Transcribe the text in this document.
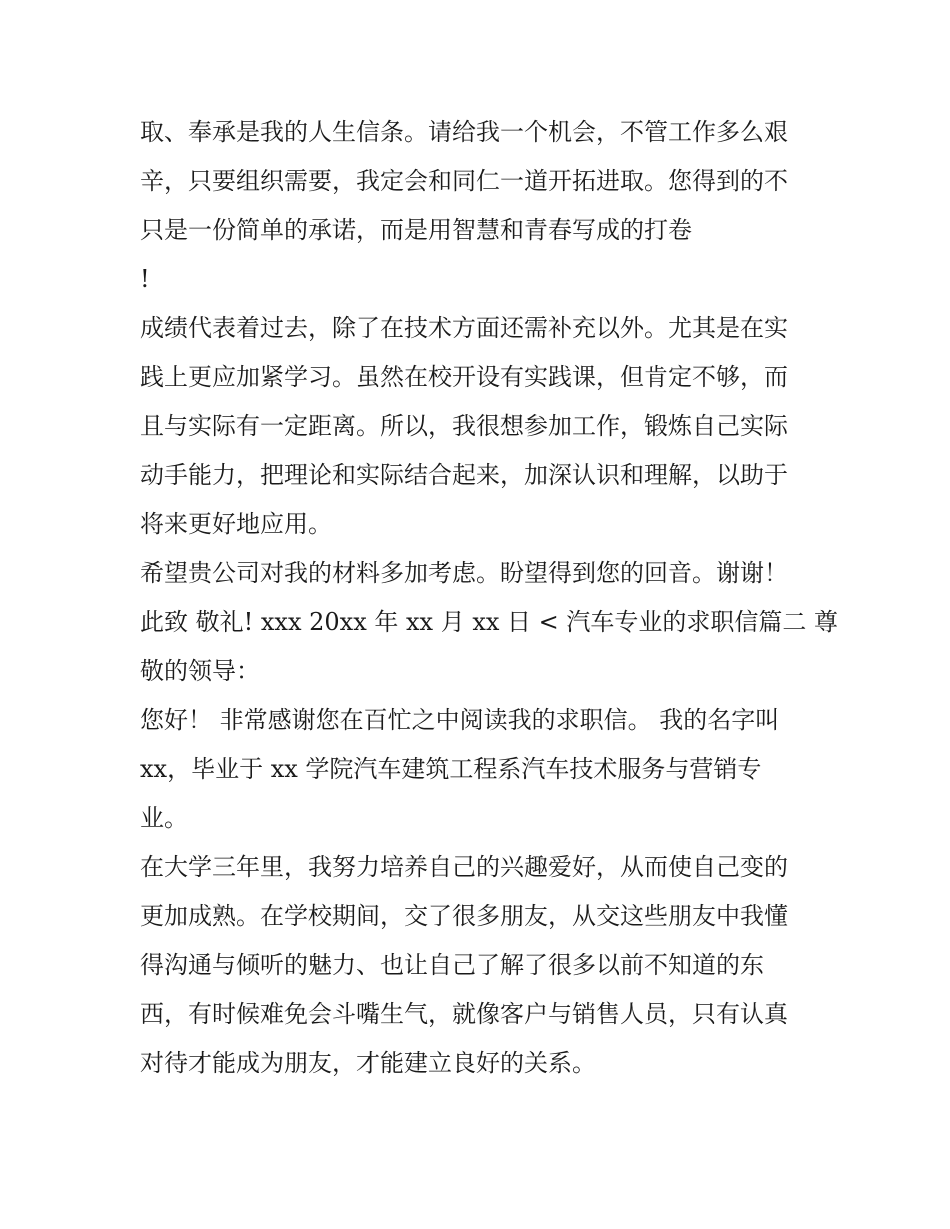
取、奉承是我的人生信条。请给我一个机会，不管工作多么艰
辛，只要组织需要，我定会和同仁一道开拓进取。您得到的不
只是一份简单的承诺，而是用智慧和青春写成的打卷
!
成绩代表着过去，除了在技术方面还需补充以外。尤其是在实
践上更应加紧学习。虽然在校开设有实践课，但肯定不够，而
且与实际有一定距离。所以，我很想参加工作，锻炼自己实际
动手能力，把理论和实际结合起来，加深认识和理解，以助于
将来更好地应用。
希望贵公司对我的材料多加考虑。盼望得到您的回音。谢谢！
此致 敬礼! xxx 20xx 年 xx 月 xx 日 < 汽车专业的求职信篇二 尊
敬的领导：
您好！ 非常感谢您在百忙之中阅读我的求职信。 我的名字叫
xx，毕业于 xx 学院汽车建筑工程系汽车技术服务与营销专
业。
在大学三年里，我努力培养自己的兴趣爱好，从而使自己变的
更加成熟。在学校期间，交了很多朋友，从交这些朋友中我懂
得沟通与倾听的魅力、也让自己了解了很多以前不知道的东
西，有时候难免会斗嘴生气，就像客户与销售人员，只有认真
对待才能成为朋友，才能建立良好的关系。
